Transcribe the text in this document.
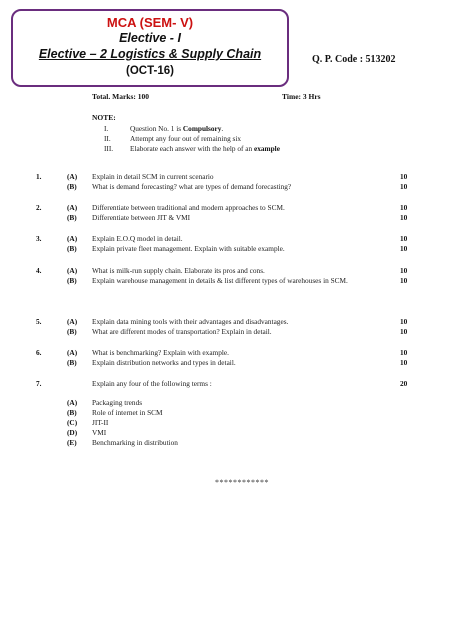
MCA (SEM- V)
Elective - I
Elective – 2 Logistics & Supply Chain
(OCT-16)
Q. P. Code : 513202
Total. Marks: 100	Time: 3 Hrs
NOTE:
I.	Question No. 1 is Compulsory.
II.	Attempt any four out of remaining six
III. Elaborate each answer with the help of an example
1.	(A) Explain in detail SCM in current scenario	10
(B) What is demand forecasting? what are types of demand forecasting?	10
2.	(A) Differentiate between traditional and modern approaches to SCM.	10
(B) Differentiate between JIT & VMI	10
3.	(A) Explain E.O.Q model in detail.	10
(B) Explain private fleet management. Explain with suitable example.	10
4.	(A) What is milk-run supply chain. Elaborate its pros and cons.	10
(B) Explain warehouse management in details & list different types of warehouses in SCM.	10
5.	(A) Explain data mining tools with their advantages and disadvantages.	10
(B) What are different modes of transportation? Explain in detail.	10
6.	(A) What is benchmarking? Explain with example.	10
(B) Explain distribution networks and types in detail.	10
7.	Explain any four of the following terms :	20
(A) Packaging trends
(B) Role of internet in SCM
(C) JIT-II
(D) VMI
(E) Benchmarking in distribution
************
